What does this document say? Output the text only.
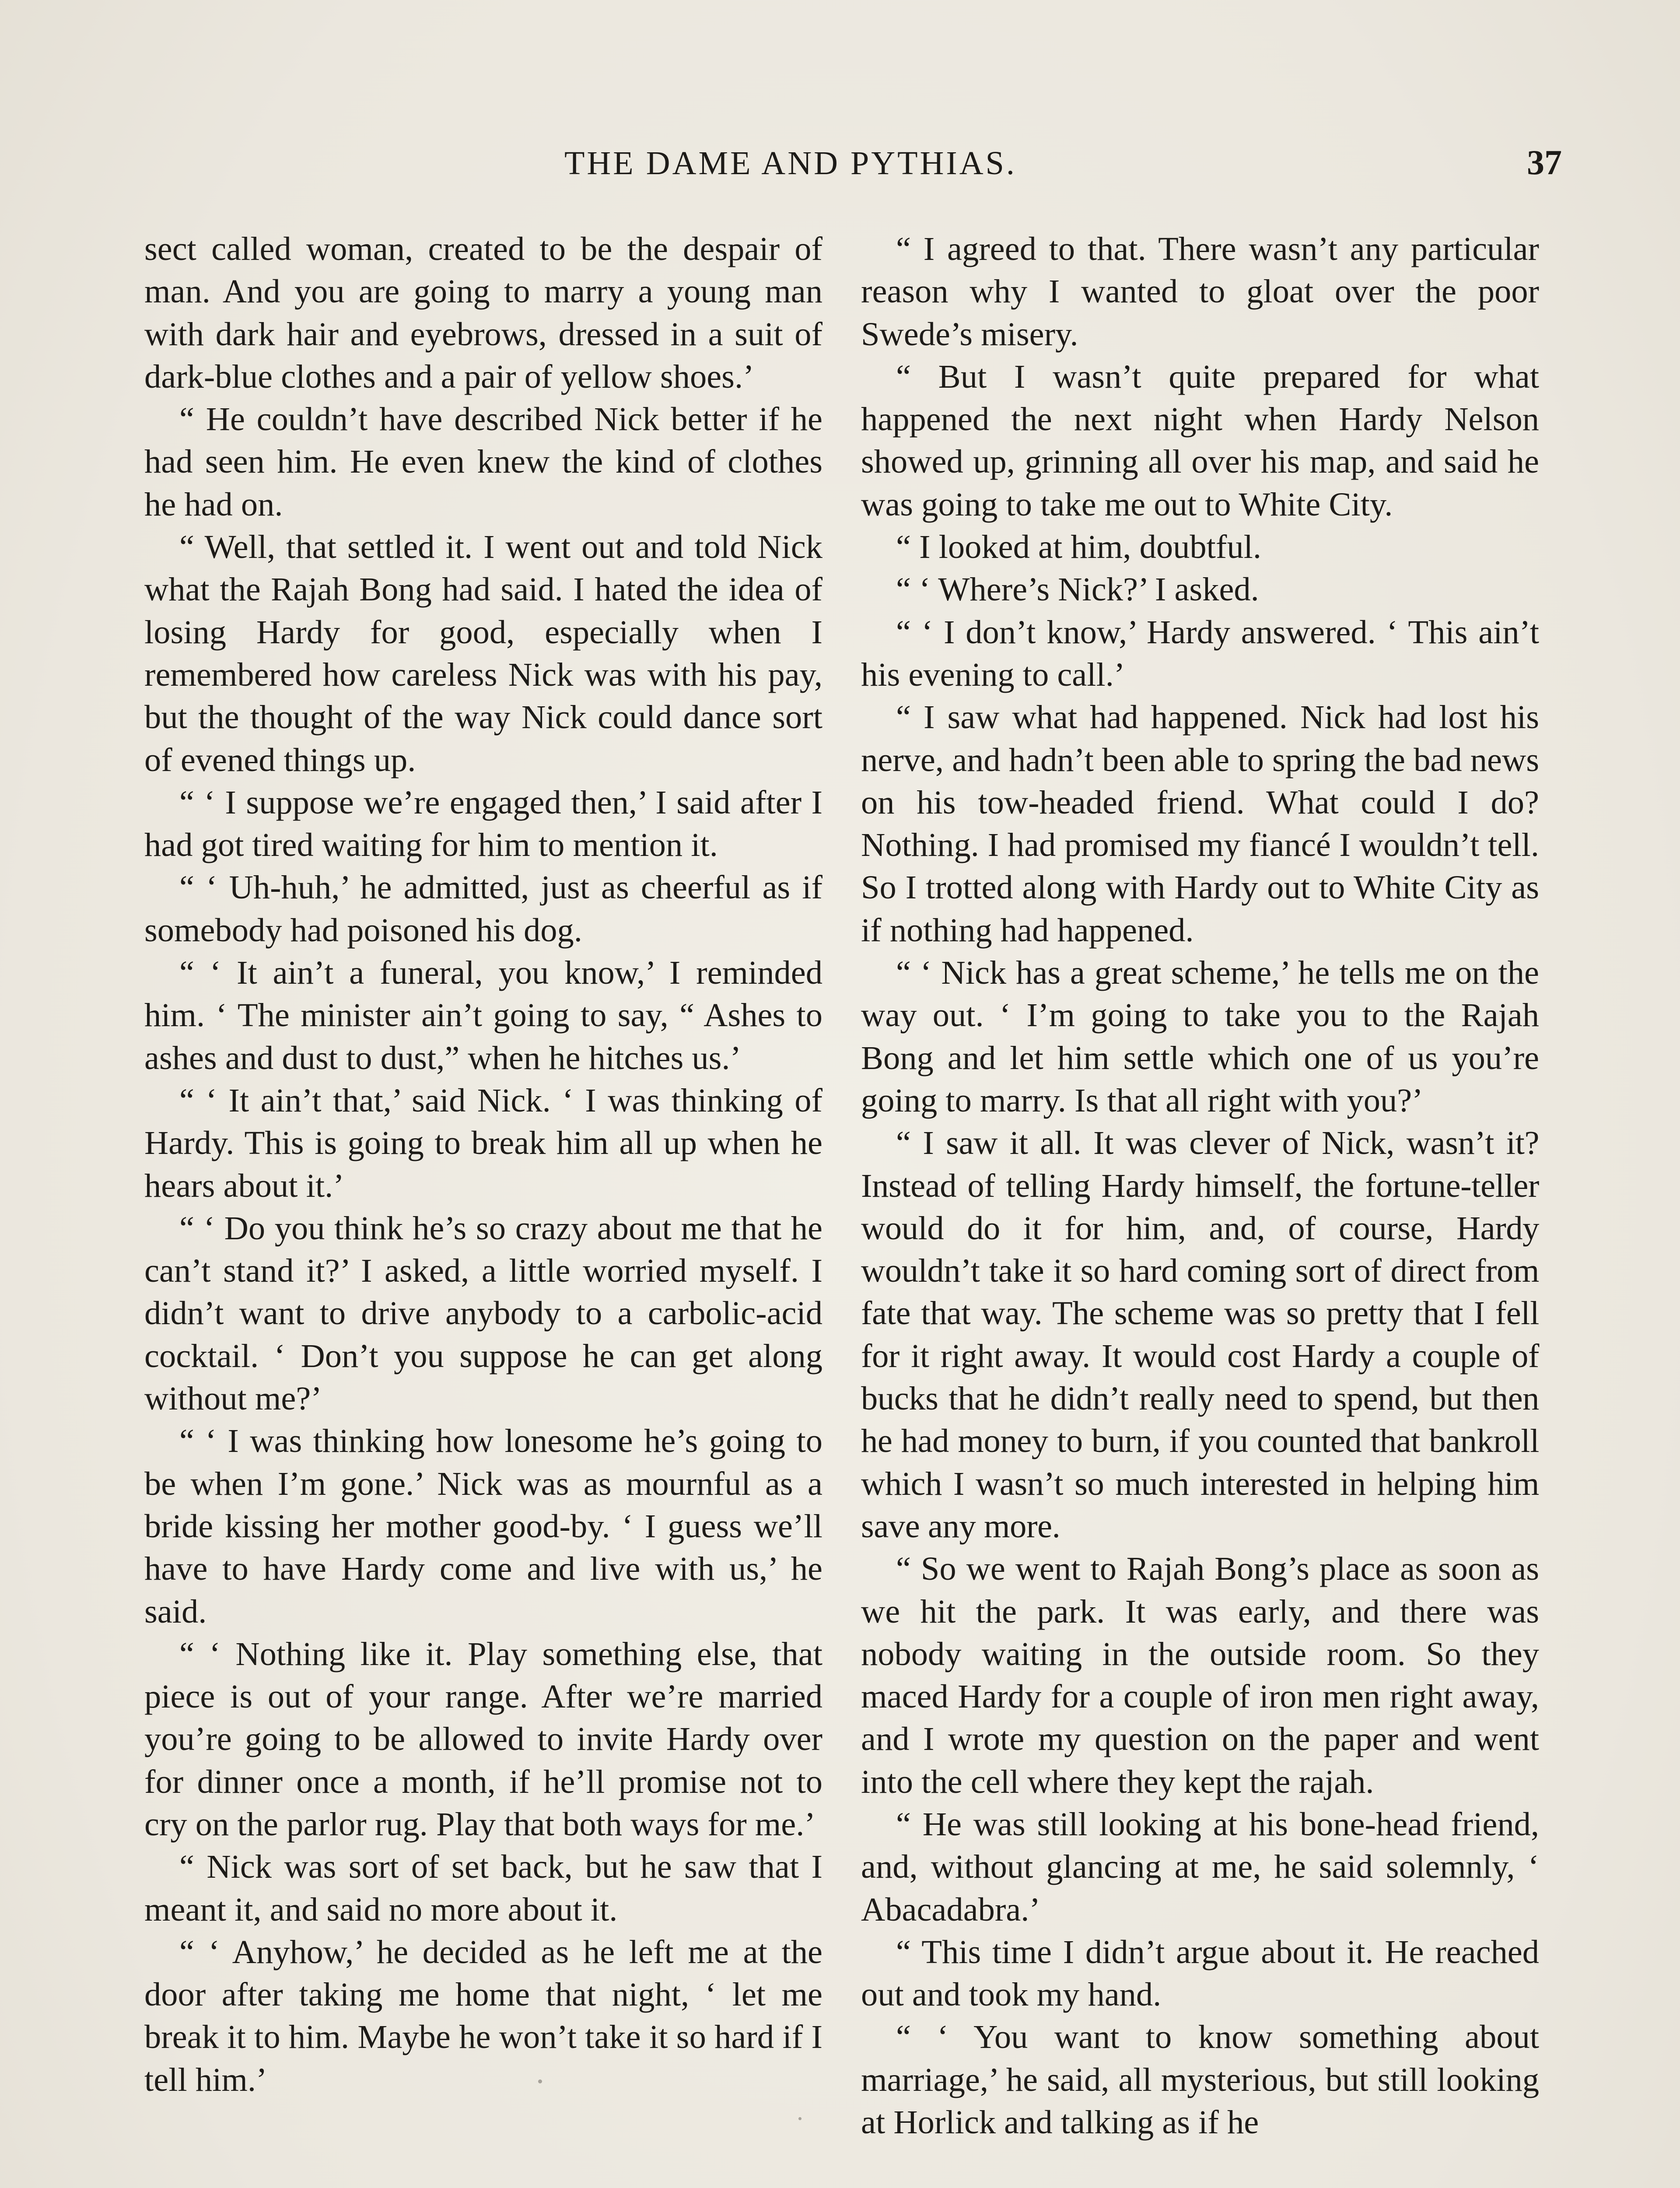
THE DAME AND PYTHIAS.	37

sect called woman, created to be the despair of man. And you are going to marry a young man with dark hair and eyebrows, dressed in a suit of dark-blue clothes and a pair of yellow shoes.’

“ He couldn’t have described Nick better if he had seen him. He even knew the kind of clothes he had on.

“ Well, that settled it. I went out and told Nick what the Rajah Bong had said. I hated the idea of losing Hardy for good, especially when I remembered how careless Nick was with his pay, but the thought of the way Nick could dance sort of evened things up.

“ ‘ I suppose we’re engaged then,’ I said after I had got tired waiting for him to mention it.

“ ‘ Uh-huh,’ he admitted, just as cheerful as if somebody had poisoned his dog.

“ ‘ It ain’t a funeral, you know,’ I reminded him. ‘ The minister ain’t going to say, “ Ashes to ashes and dust to dust,” when he hitches us.’

“ ‘ It ain’t that,’ said Nick. ‘ I was thinking of Hardy. This is going to break him all up when he hears about it.’

“ ‘ Do you think he’s so crazy about me that he can’t stand it?’ I asked, a little worried myself. I didn’t want to drive anybody to a carbolic-acid cocktail. ‘ Don’t you suppose he can get along without me?’

“ ‘ I was thinking how lonesome he’s going to be when I’m gone.’ Nick was as mournful as a bride kissing her mother good-by. ‘ I guess we’ll have to have Hardy come and live with us,’ he said.

“ ‘ Nothing like it. Play something else, that piece is out of your range. After we’re married you’re going to be allowed to invite Hardy over for dinner once a month, if he’ll promise not to cry on the parlor rug. Play that both ways for me.’

“ Nick was sort of set back, but he saw that I meant it, and said no more about it.

“ ‘ Anyhow,’ he decided as he left me at the door after taking me home that night, ‘ let me break it to him. Maybe he won’t take it so hard if I tell him.’

“ I agreed to that. There wasn’t any particular reason why I wanted to gloat over the poor Swede’s misery.

“ But I wasn’t quite prepared for what happened the next night when Hardy Nelson showed up, grinning all over his map, and said he was going to take me out to White City.

“ I looked at him, doubtful.

“ ‘ Where’s Nick?’ I asked.

“ ‘ I don’t know,’ Hardy answered. ‘ This ain’t his evening to call.’

“ I saw what had happened. Nick had lost his nerve, and hadn’t been able to spring the bad news on his tow-headed friend. What could I do? Nothing. I had promised my fiancé I wouldn’t tell. So I trotted along with Hardy out to White City as if nothing had happened.

“ ‘ Nick has a great scheme,’ he tells me on the way out. ‘ I’m going to take you to the Rajah Bong and let him settle which one of us you’re going to marry. Is that all right with you?’

“ I saw it all. It was clever of Nick, wasn’t it? Instead of telling Hardy himself, the fortune-teller would do it for him, and, of course, Hardy wouldn’t take it so hard coming sort of direct from fate that way. The scheme was so pretty that I fell for it right away. It would cost Hardy a couple of bucks that he didn’t really need to spend, but then he had money to burn, if you counted that bankroll which I wasn’t so much interested in helping him save any more.

“ So we went to Rajah Bong’s place as soon as we hit the park. It was early, and there was nobody waiting in the outside room. So they maced Hardy for a couple of iron men right away, and I wrote my question on the paper and went into the cell where they kept the rajah.

“ He was still looking at his bone-head friend, and, without glancing at me, he said solemnly, ‘ Abacadabra.’

“ This time I didn’t argue about it. He reached out and took my hand.

“ ‘ You want to know something about marriage,’ he said, all mysterious, but still looking at Horlick and talking as if he
